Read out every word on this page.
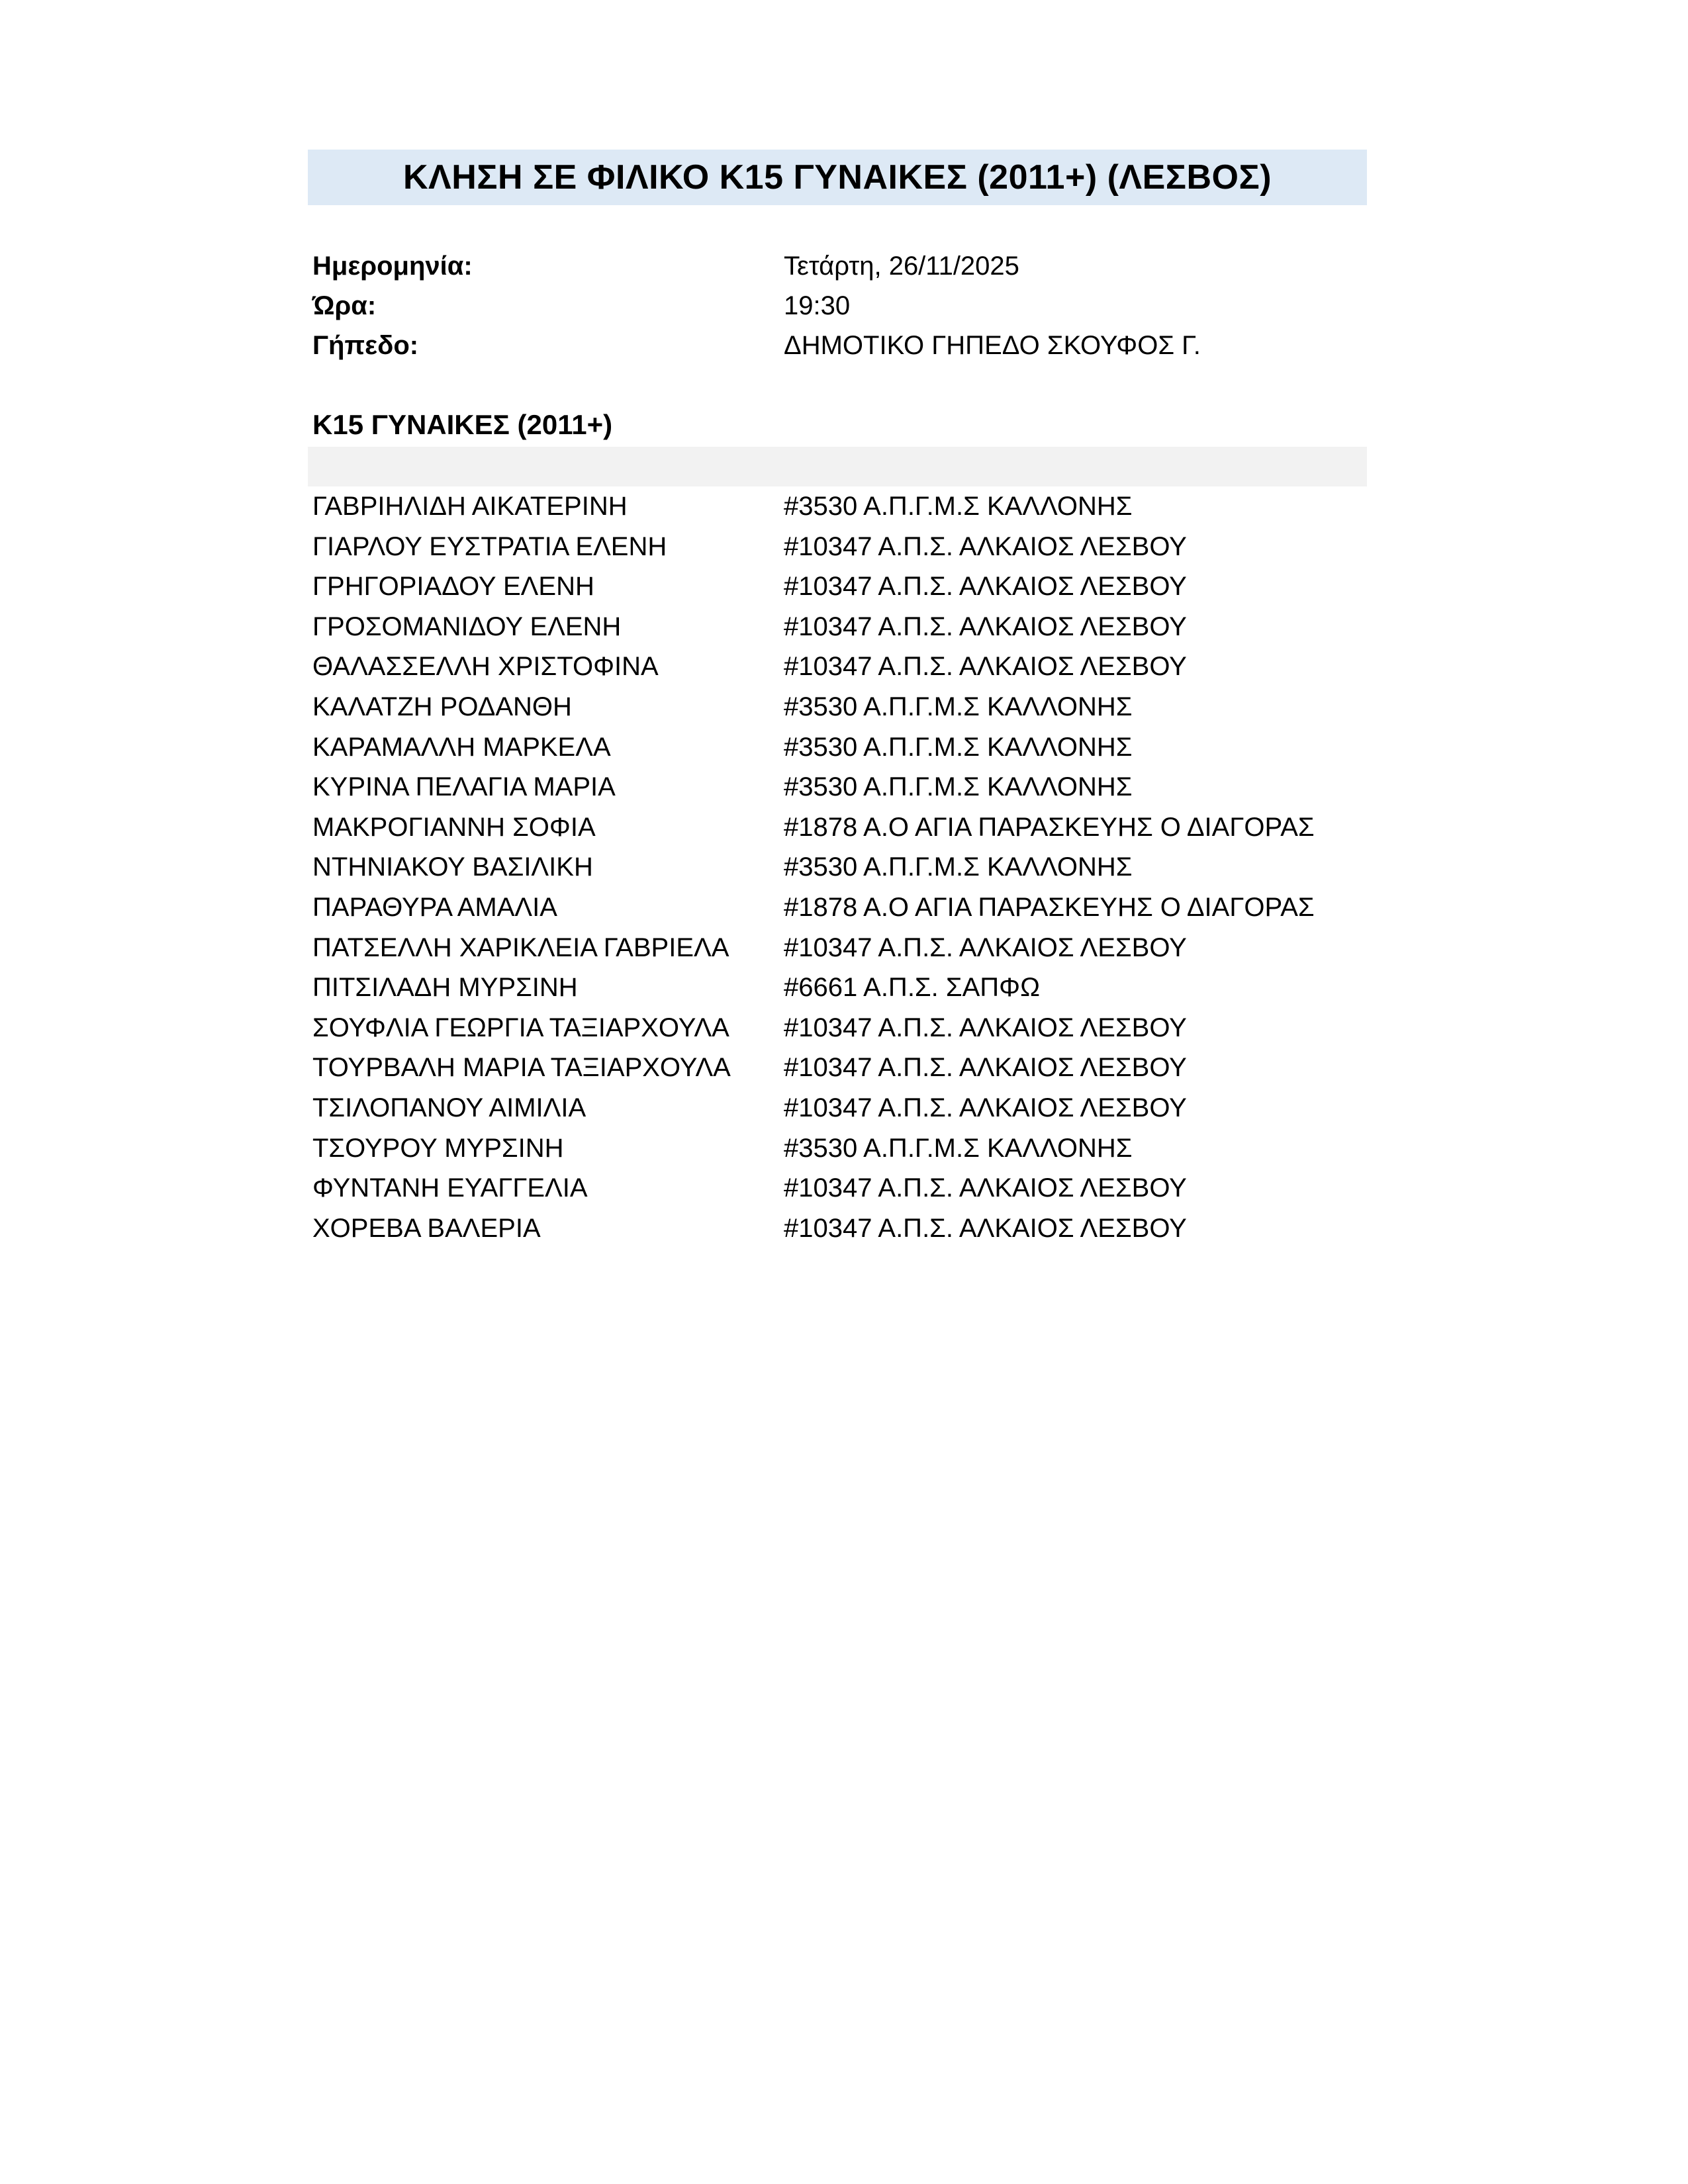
ΚΛΗΣΗ ΣΕ ΦΙΛΙΚΟ Κ15 ΓΥΝΑΙΚΕΣ (2011+) (ΛΕΣΒΟΣ)
Ημερομηνία:	Τετάρτη, 26/11/2025
Ώρα:	19:30
Γήπεδο:	ΔΗΜΟΤΙΚΟ ΓΗΠΕΔΟ ΣΚΟΥΦΟΣ Γ.
Κ15 ΓΥΝΑΙΚΕΣ (2011+)
ΓΑΒΡΙΗΛΙΔΗ ΑΙΚΑΤΕΡΙΝΗ	#3530 Α.Π.Γ.Μ.Σ ΚΑΛΛΟΝΗΣ
ΓΙΑΡΛΟΥ ΕΥΣΤΡΑΤΙΑ ΕΛΕΝΗ	#10347 Α.Π.Σ. ΑΛΚΑΙΟΣ ΛΕΣΒΟΥ
ΓΡΗΓΟΡΙΑΔΟΥ ΕΛΕΝΗ	#10347 Α.Π.Σ. ΑΛΚΑΙΟΣ ΛΕΣΒΟΥ
ΓΡΟΣΟΜΑΝΙΔΟΥ ΕΛΕΝΗ	#10347 Α.Π.Σ. ΑΛΚΑΙΟΣ ΛΕΣΒΟΥ
ΘΑΛΑΣΣΕΛΛΗ ΧΡΙΣΤΟΦΙΝΑ	#10347 Α.Π.Σ. ΑΛΚΑΙΟΣ ΛΕΣΒΟΥ
ΚΑΛΑΤΖΗ ΡΟΔΑΝΘΗ	#3530 Α.Π.Γ.Μ.Σ ΚΑΛΛΟΝΗΣ
ΚΑΡΑΜΑΛΛΗ ΜΑΡΚΕΛΑ	#3530 Α.Π.Γ.Μ.Σ ΚΑΛΛΟΝΗΣ
ΚΥΡΙΝΑ ΠΕΛΑΓΙΑ ΜΑΡΙΑ	#3530 Α.Π.Γ.Μ.Σ ΚΑΛΛΟΝΗΣ
ΜΑΚΡΟΓΙΑΝΝΗ ΣΟΦΙΑ	#1878 Α.Ο ΑΓΙΑ ΠΑΡΑΣΚΕΥΗΣ Ο ΔΙΑΓΟΡΑΣ
ΝΤΗΝΙΑΚΟΥ ΒΑΣΙΛΙΚΗ	#3530 Α.Π.Γ.Μ.Σ ΚΑΛΛΟΝΗΣ
ΠΑΡΑΘΥΡΑ ΑΜΑΛΙΑ	#1878 Α.Ο ΑΓΙΑ ΠΑΡΑΣΚΕΥΗΣ Ο ΔΙΑΓΟΡΑΣ
ΠΑΤΣΕΛΛΗ ΧΑΡΙΚΛΕΙΑ ΓΑΒΡΙΕΛΑ #10347 Α.Π.Σ. ΑΛΚΑΙΟΣ ΛΕΣΒΟΥ
ΠΙΤΣΙΛΑΔΗ ΜΥΡΣΙΝΗ	#6661 Α.Π.Σ. ΣΑΠΦΩ
ΣΟΥΦΛΙΑ ΓΕΩΡΓΙΑ ΤΑΞΙΑΡΧΟΥΛΑ #10347 Α.Π.Σ. ΑΛΚΑΙΟΣ ΛΕΣΒΟΥ
ΤΟΥΡΒΑΛΗ ΜΑΡΙΑ ΤΑΞΙΑΡΧΟΥΛΑ #10347 Α.Π.Σ. ΑΛΚΑΙΟΣ ΛΕΣΒΟΥ
ΤΣΙΛΟΠΑΝΟΥ ΑΙΜΙΛΙΑ	#10347 Α.Π.Σ. ΑΛΚΑΙΟΣ ΛΕΣΒΟΥ
ΤΣΟΥΡΟΥ ΜΥΡΣΙΝΗ	#3530 Α.Π.Γ.Μ.Σ ΚΑΛΛΟΝΗΣ
ΦΥΝΤΑΝΗ ΕΥΑΓΓΕΛΙΑ	#10347 Α.Π.Σ. ΑΛΚΑΙΟΣ ΛΕΣΒΟΥ
ΧΟΡΕΒΑ ΒΑΛΕΡΙΑ	#10347 Α.Π.Σ. ΑΛΚΑΙΟΣ ΛΕΣΒΟΥ
